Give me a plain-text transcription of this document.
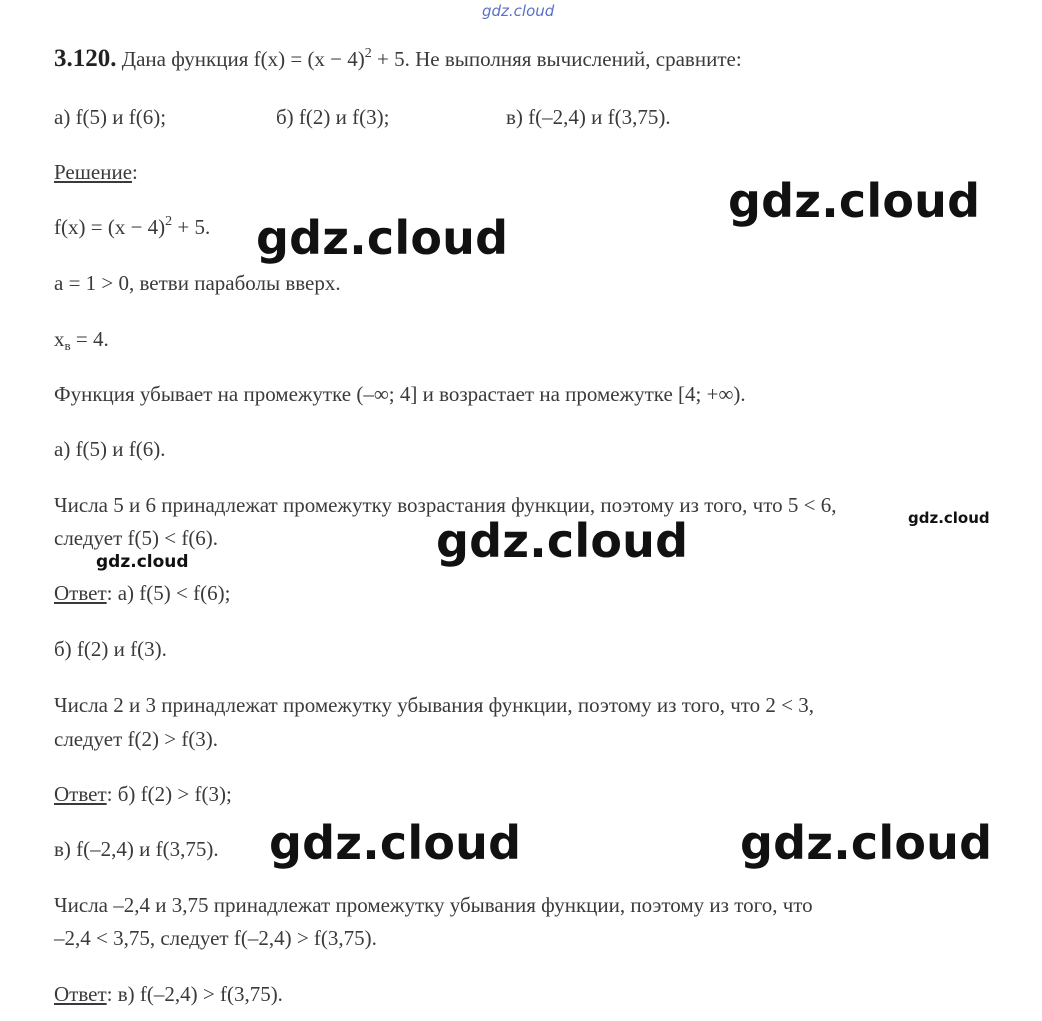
gdz.cloud
3.120. Дана функция $f(x) = (x - 4)^2 + 5$. Не выполняя вычислений, сравните:
а) f(5) и f(6);	б) f(2) и f(3);	в) f(–2,4) и f(3,75).
Решение:
$f(x) = (x - 4)^2 + 5$.
a = 1 > 0, ветви параболы вверх.
$x_в = 4$.
Функция убывает на промежутке (–∞; 4] и возрастает на промежутке [4; +∞).
а) f(5) и f(6).
Числа 5 и 6 принадлежат промежутку возрастания функции, поэтому из того, что 5 < 6,
следует f(5) < f(6).
Ответ: а) f(5) < f(6);
б) f(2) и f(3).
Числа 2 и 3 принадлежат промежутку убывания функции, поэтому из того, что 2 < 3,
следует f(2) > f(3).
Ответ: б) f(2) > f(3);
в) f(–2,4) и f(3,75).
Числа –2,4 и 3,75 принадлежат промежутку убывания функции, поэтому из того, что
–2,4 < 3,75, следует f(–2,4) > f(3,75).
Ответ: в) f(–2,4) > f(3,75).
gdz.cloud
gdz.cloud
gdz.cloud
gdz.cloud	gdz.cloud
gdz.cloud
gdz.cloud
